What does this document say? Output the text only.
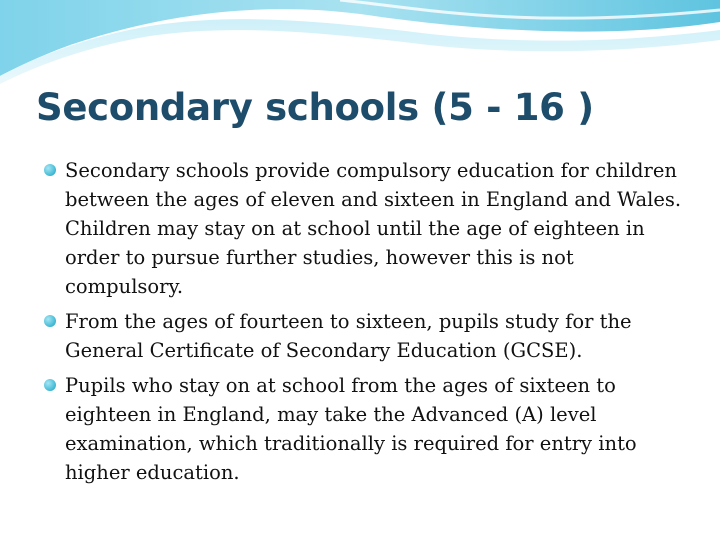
Secondary schools (5 - 16 )
Secondary schools provide compulsory education for children between the ages of eleven and sixteen in England and Wales. Children may stay on at school until the age of eighteen in order to pursue further studies, however this is not compulsory.
From the ages of fourteen to sixteen, pupils study for the General Certificate of Secondary Education (GCSE).
Pupils who stay on at school from the ages of sixteen to eighteen in England, may take the Advanced (A) level examination, which traditionally is required for entry into higher education.
